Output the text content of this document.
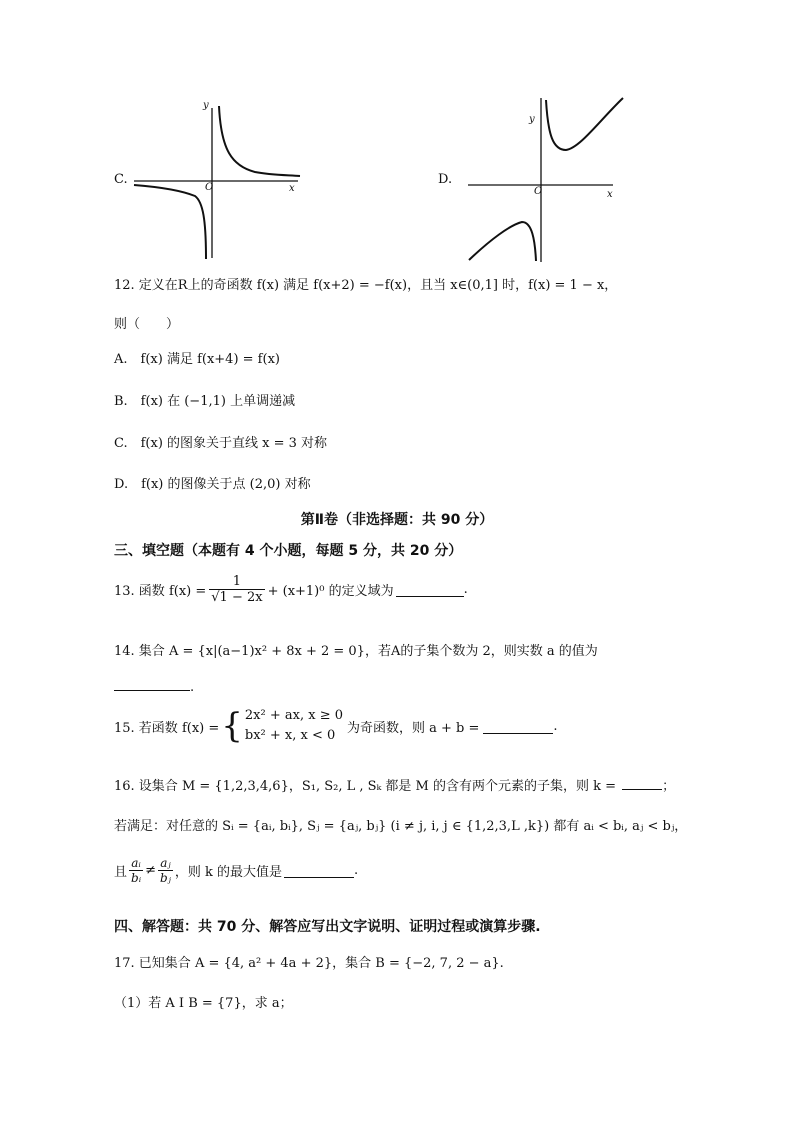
C.
y
x
O
D.
y
x
O
12. 定义在R上的奇函数 f(x) 满足 f(x+2) = −f(x)，且当 x∈(0,1] 时，f(x) = 1 − x，
则（　　）
A.　f(x) 满足 f(x+4) = f(x)
B.　f(x) 在 (−1,1) 上单调递减
C.　f(x) 的图象关于直线 x = 3 对称
D.　f(x) 的图像关于点 (2,0) 对称
第Ⅱ卷（非选择题：共 90 分）
三、填空题（本题有 4 个小题，每题 5 分，共 20 分）
13. 函数 $f(x) = \frac{1}{√1 - 2x} + (x+1)^0$ 的定义域为	.
14. 集合 A = {x|(a−1)x² + 8x + 2 = 0}，若A的子集个数为 2，则实数 a 的值为
.
15. 若函数 f(x) = { 2x² + ax, x ≥ 0
bx² + x, x < 0 为奇函数，则 a + b =	.
16. 设集合 M = {1,2,3,4,6}，S₁, S₂, L , Sₖ 都是 M 的含有两个元素的子集，则 k =	；
若满足：对任意的 Sᵢ = {aᵢ, bᵢ}, Sⱼ = {aⱼ, bⱼ} (i ≠ j, i, j ∈ {1,2,3,L ,k}) 都有 aᵢ < bᵢ, aⱼ < bⱼ，
且 $\frac{\text{aᵢ}}{\text{bᵢ}} \ne \frac{\text{aⱼ}}{\text{bⱼ}}$ ，则 k 的最大值是	.
四、解答题：共 70 分、解答应写出文字说明、证明过程或演算步骤.
17. 已知集合 A = {4, a² + 4a + 2}，集合 B = {−2, 7, 2 − a}.
（1）若 A I B = {7}，求 a；
